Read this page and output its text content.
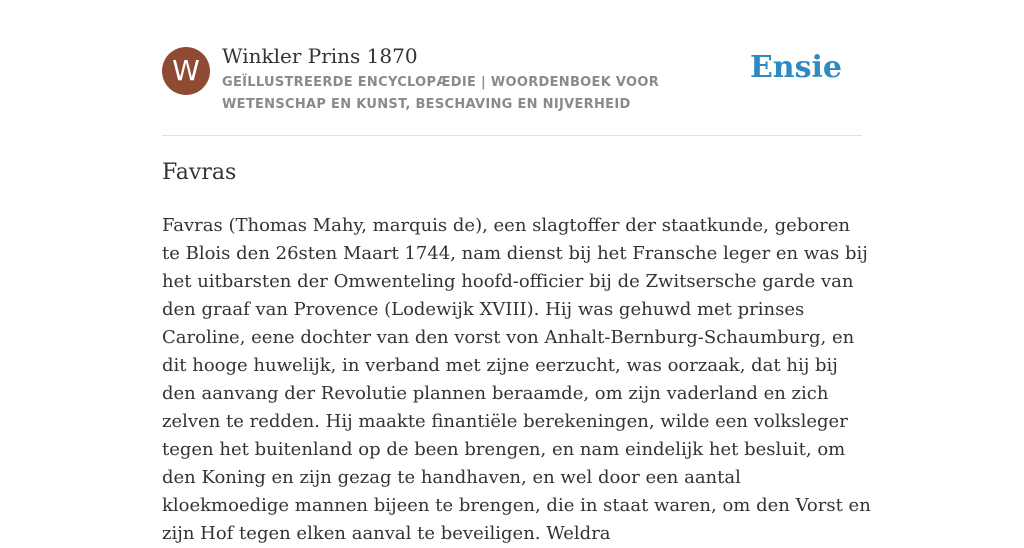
W	Winkler Prins 1870
GEÏLLUSTREERDE ENCYCLOPÆDIE | WOORDENBOEK VOOR WETENSCHAP EN KUNST, BESCHAVING EN NIJVERHEID
Ensie
Favras

Favras (Thomas Mahy, marquis de), een slagtoffer der staatkunde, geboren te Blois den 26sten Maart 1744, nam dienst bij het Fransche leger en was bij het uitbarsten der Omwenteling hoofd-officier bij de Zwitsersche garde van den graaf van Provence (Lodewijk XVIII). Hij was gehuwd met prinses Caroline, eene dochter van den vorst von Anhalt-Bernburg-Schaumburg, en dit hooge huwelijk, in verband met zijne eerzucht, was oorzaak, dat hij bij den aanvang der Revolutie plannen beraamde, om zijn vaderland en zich zelven te redden. Hij maakte finantiële berekeningen, wilde een volksleger tegen het buitenland op de been brengen, en nam eindelijk het besluit, om den Koning en zijn gezag te handhaven, en wel door een aantal kloekmoedige mannen bijeen te brengen, die in staat waren, om den Vorst en zijn Hof tegen elken aanval te beveiligen. Weldra
